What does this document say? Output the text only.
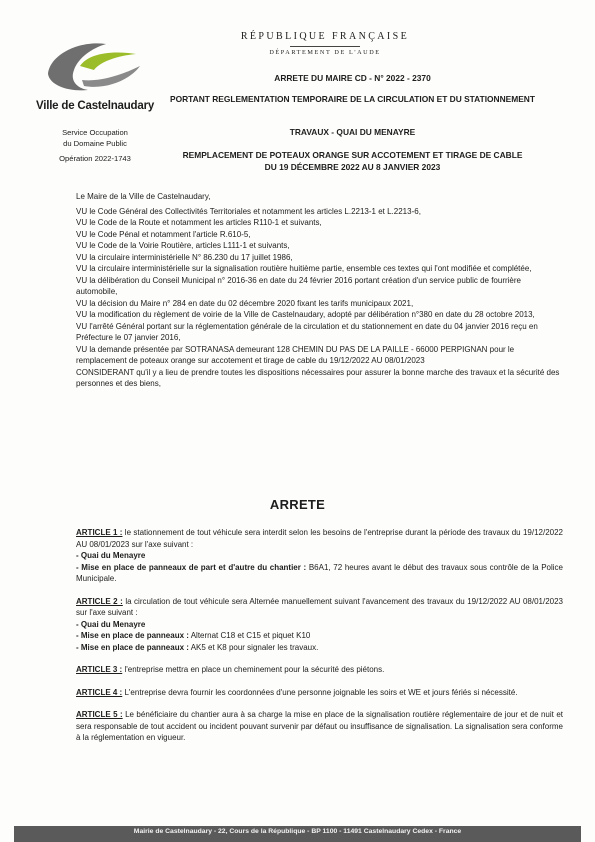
Ville de Castelnaudary
Service Occupation
du Domaine Public
Opération 2022-1743
RÉPUBLIQUE FRANÇAISE
DÉPARTEMENT DE L'AUDE
ARRETE DU MAIRE CD - N° 2022 - 2370
PORTANT REGLEMENTATION TEMPORAIRE DE LA CIRCULATION ET DU STATIONNEMENT
TRAVAUX - QUAI DU MENAYRE
REMPLACEMENT DE POTEAUX ORANGE SUR ACCOTEMENT ET TIRAGE DE CABLE
DU 19 DÉCEMBRE 2022 AU 8 JANVIER 2023

Le Maire de la Ville de Castelnaudary,

VU le Code Général des Collectivités Territoriales et notamment les articles L.2213-1 et L.2213-6,

VU le Code de la Route et notamment les articles R110-1 et suivants,

VU le Code Pénal et notamment l'article R.610-5,

VU le Code de la Voirie Routière, articles L111-1 et suivants,

VU la circulaire interministérielle N° 86.230 du 17 juillet 1986,

VU la circulaire interministérielle sur la signalisation routière huitième partie, ensemble ces textes qui l'ont modifiée et complétée,

VU la délibération du Conseil Municipal n° 2016-36 en date du 24 février 2016 portant création d'un service public de fourrière automobile,

VU la décision du Maire n° 284 en date du 02 décembre 2020 fixant les tarifs municipaux 2021,

VU la modification du règlement de voirie de la Ville de Castelnaudary, adopté par délibération n°380 en date du 28 octobre 2013,

VU l'arrêté Général portant sur la réglementation générale de la circulation et du stationnement en date du 04 janvier 2016 reçu en Préfecture le 07 janvier 2016,

VU la demande présentée par SOTRANASA demeurant 128 CHEMIN DU PAS DE LA PAILLE - 66000 PERPIGNAN pour le remplacement de poteaux orange sur accotement et tirage de cable du 19/12/2022 AU 08/01/2023

CONSIDERANT qu'il y a lieu de prendre toutes les dispositions nécessaires pour assurer la bonne marche des travaux et la sécurité des personnes et des biens,

ARRETE
ARTICLE 1 : le stationnement de tout véhicule sera interdit selon les besoins de l'entreprise durant la période des travaux du 19/12/2022 AU 08/01/2023 sur l'axe suivant :
- Quai du Menayre
- Mise en place de panneaux de part et d'autre du chantier : B6A1, 72 heures avant le début des travaux sous contrôle de la Police Municipale.
ARTICLE 2 : la circulation de tout véhicule sera Alternée manuellement suivant l'avancement des travaux du 19/12/2022 AU 08/01/2023 sur l'axe suivant :
- Quai du Menayre
- Mise en place de panneaux : Alternat C18 et C15 et piquet K10
- Mise en place de panneaux : AK5 et K8 pour signaler les travaux.
ARTICLE 3 : l'entreprise mettra en place un cheminement pour la sécurité des piétons.
ARTICLE 4 : L'entreprise devra fournir les coordonnées d'une personne joignable les soirs et WE et jours fériés si nécessité.
ARTICLE 5 : Le bénéficiaire du chantier aura à sa charge la mise en place de la signalisation routière réglementaire de jour et de nuit et sera responsable de tout accident ou incident pouvant survenir par défaut ou insuffisance de signalisation. La signalisation sera conforme à la réglementation en vigueur.
Mairie de Castelnaudary - 22, Cours de la République - BP 1100 - 11491 Castelnaudary Cedex - France
